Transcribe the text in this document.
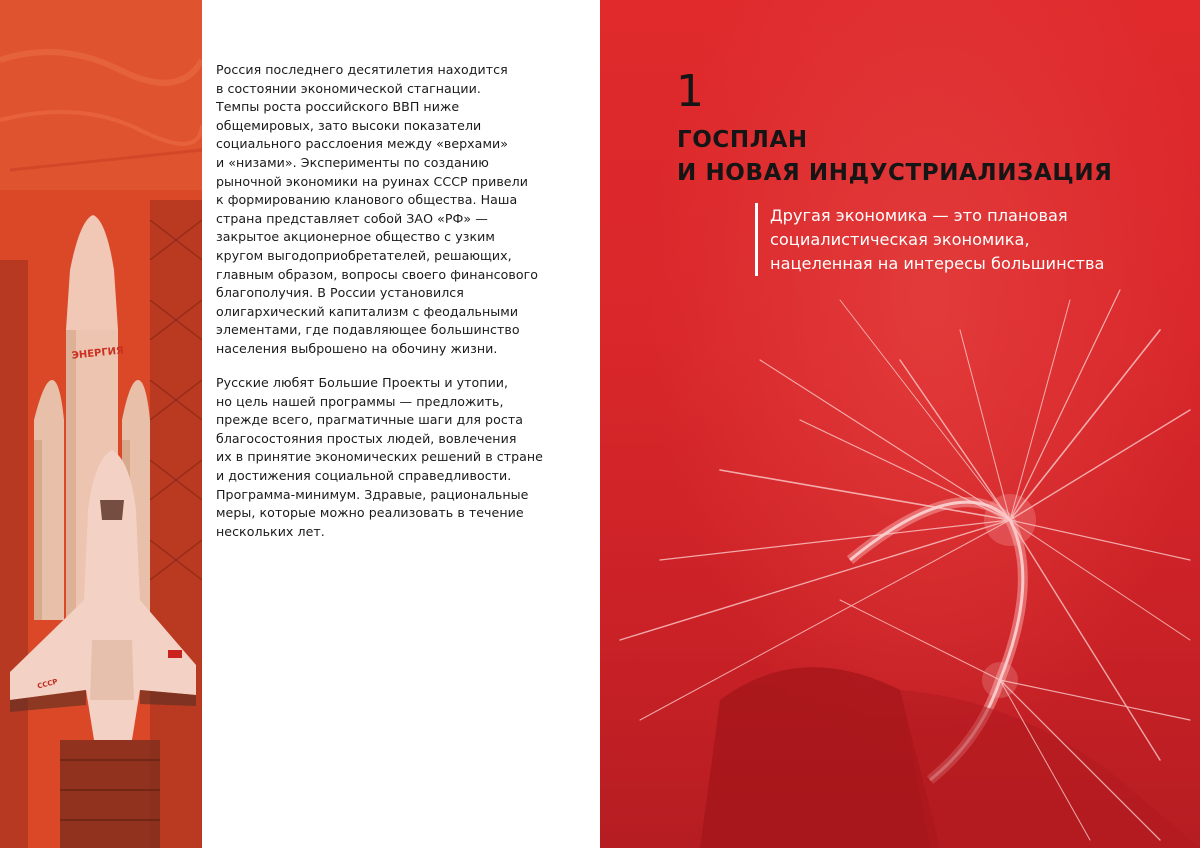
ЭНЕРГИЯ
СССР
Россия последнего десятилетия находится
в состоянии экономической стагнации.
Темпы роста российского ВВП ниже
общемировых, зато высоки показатели
социального расслоения между «верхами»
и «низами». Эксперименты по созданию
рыночной экономики на руинах СССР привели
к формированию кланового общества. Наша
страна представляет собой ЗАО «РФ» —
закрытое акционерное общество с узким
кругом выгодоприобретателей, решающих,
главным образом, вопросы своего финансового
благополучия. В России установился
олигархический капитализм с феодальными
элементами, где подавляющее большинство
населения выброшено на обочину жизни.
Русские любят Большие Проекты и утопии,
но цель нашей программы — предложить,
прежде всего, прагматичные шаги для роста
благосостояния простых людей, вовлечения
их в принятие экономических решений в стране
и достижения социальной справедливости.
Программа-минимум. Здравые, рациональные
меры, которые можно реализовать в течение
нескольких лет.
1
ГОСПЛАН
И НОВАЯ ИНДУСТРИАЛИЗАЦИЯ
Другая экономика — это плановая
социалистическая экономика,
нацеленная на интересы большинства
